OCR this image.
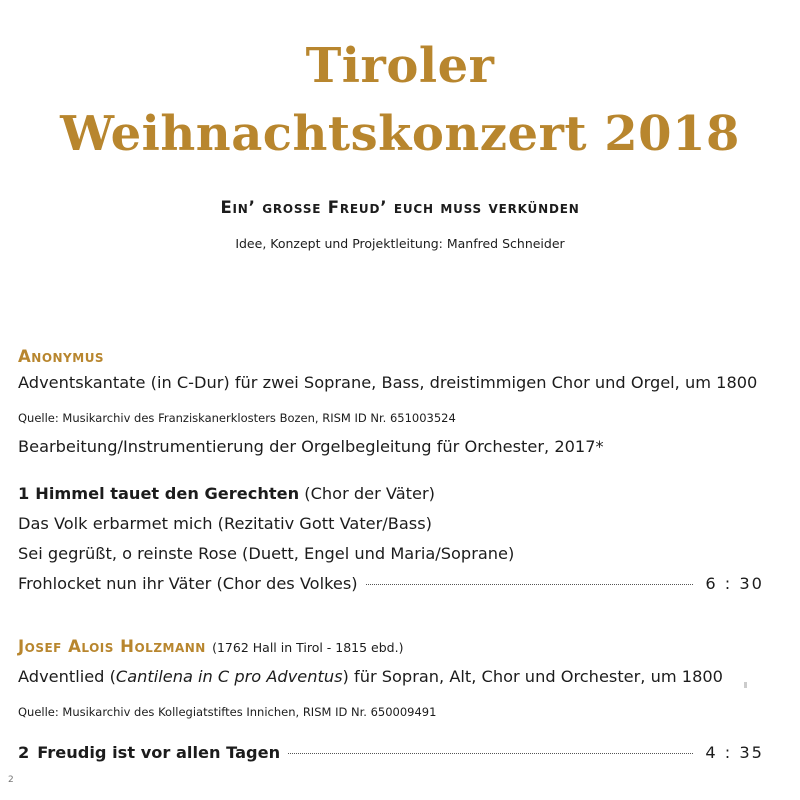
Tiroler
Weihnachtskonzert 2018
Ein’ grosse Freud’ euch muss verkünden
Idee, Konzept und Projektleitung: Manfred Schneider
Anonymus
Adventskantate (in C-Dur) für zwei Soprane, Bass, dreistimmigen Chor und Orgel, um 1800
Quelle: Musikarchiv des Franziskanerklosters Bozen, RISM ID Nr. 651003524
Bearbeitung/Instrumentierung der Orgelbegleitung für Orchester, 2017*
1 Himmel tauet den Gerechten (Chor der Väter)
Das Volk erbarmet mich (Rezitativ Gott Vater/Bass)
Sei gegrüßt, o reinste Rose (Duett, Engel und Maria/Soprane)
Frohlocket nun ihr Väter (Chor des Volkes)	6 : 30
Josef Alois Holzmann (1762 Hall in Tirol - 1815 ebd.)
Adventlied (Cantilena in C pro Adventus) für Sopran, Alt, Chor und Orchester, um 1800
Quelle: Musikarchiv des Kollegiatstiftes Innichen, RISM ID Nr. 650009491
2 Freudig ist vor allen Tagen	4 : 35
2
